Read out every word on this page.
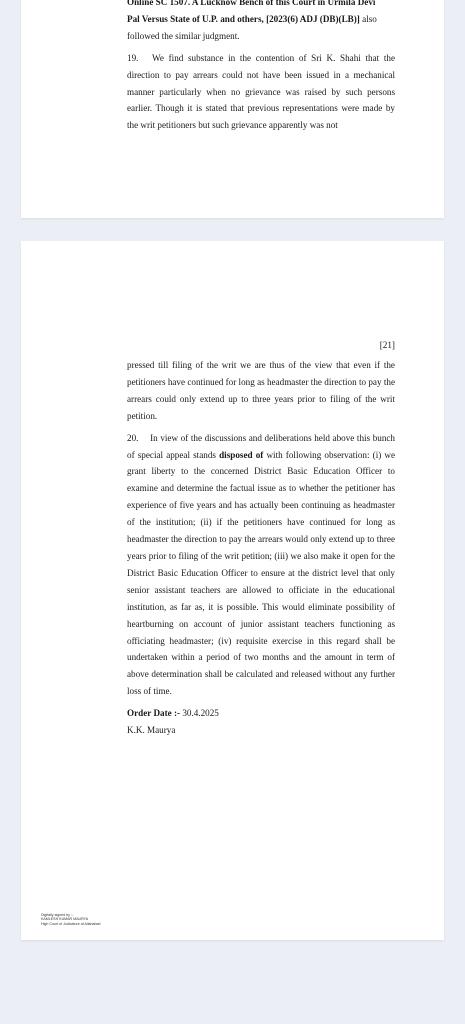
Online SC 1507. A Lucknow Bench of this Court in Urmila Devi

Pal Versus State of U.P. and others, [2023(6) ADJ (DB)(LB)] also

followed the similar judgment.

19.  We find substance in the contention of Sri K. Shahi that the direction to pay arrears could not have been issued in a mechanical manner particularly when no grievance was raised by such persons earlier. Though it is stated that previous representations were made by the writ petitioners but such grievance apparently was not

[21]

pressed till filing of the writ we are thus of the view that even if the petitioners have continued for long as headmaster the direction to pay the arrears could only extend up to three years prior to filing of the writ petition.

20.  In view of the discussions and deliberations held above this bunch of special appeal stands disposed of with following observation: (i) we grant liberty to the concerned District Basic Education Officer to examine and determine the factual issue as to whether the petitioner has experience of five years and has actually been continuing as headmaster of the institution; (ii) if the petitioners have continued for long as headmaster the direction to pay the arrears would only extend up to three years prior to filing of the writ petition; (iii) we also make it open for the District Basic Education Officer to ensure at the district level that only senior assistant teachers are allowed to officiate in the educational institution, as far as, it is possible. This would eliminate possibility of heartburning on account of junior assistant teachers functioning as officiating headmaster; (iv) requisite exercise in this regard shall be undertaken within a period of two months and the amount in term of above determination shall be calculated and released without any further loss of time.

Order Date :- 30.4.2025

K.K. Maurya

Digitally signed by :-
KAMLESH KUMAR MAURYA
High Court of Judicature at Allahabad
